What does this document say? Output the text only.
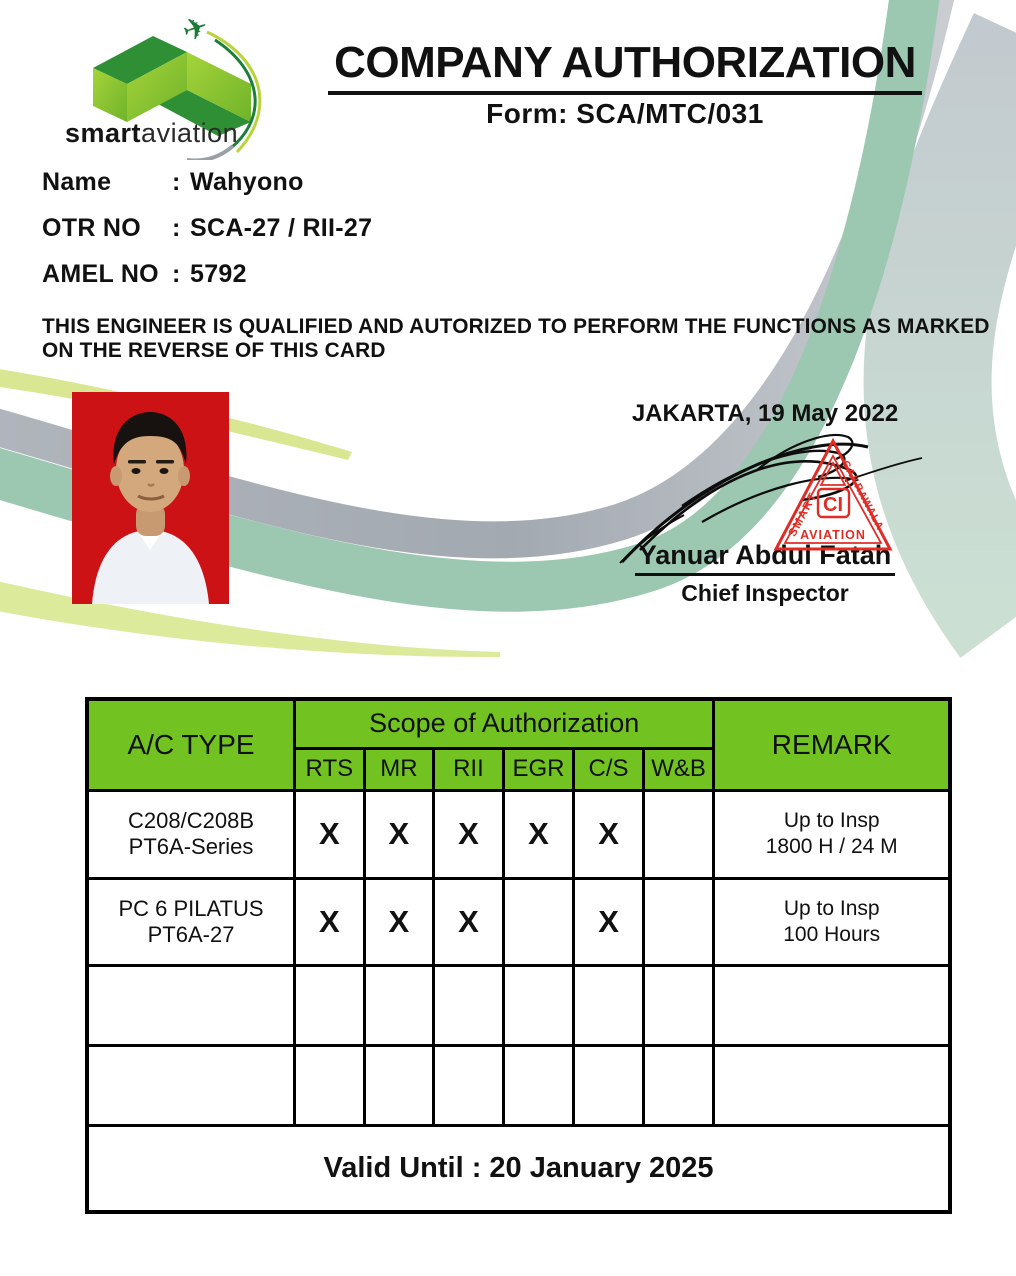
✈
smartaviation
COMPANY AUTHORIZATION
Form: SCA/MTC/031
Name : Wahyono
OTR NO : SCA-27 / RII-27
AMEL NO : 5792
THIS ENGINEER IS QUALIFIED AND AUTORIZED TO PERFORM THE FUNCTIONS AS MARKED
ON THE REVERSE OF THIS CARD
JAKARTA, 19 May 2022
CI
SMART CAKRAWALA
AVIATION
Yanuar Abdul Fatah
Chief Inspector
A/C TYPE	Scope of Authorization						REMARK
	RTS	MR	RII	EGR	C/S	W&B	

C208/C208B
PT6A-Series	X	X	X	X	X		Up to Insp
1800 H / 24 M

PC 6 PILATUS
PT6A-27	X	X	X		X		Up to Insp
100 Hours

Valid Until : 20 January 2025							
